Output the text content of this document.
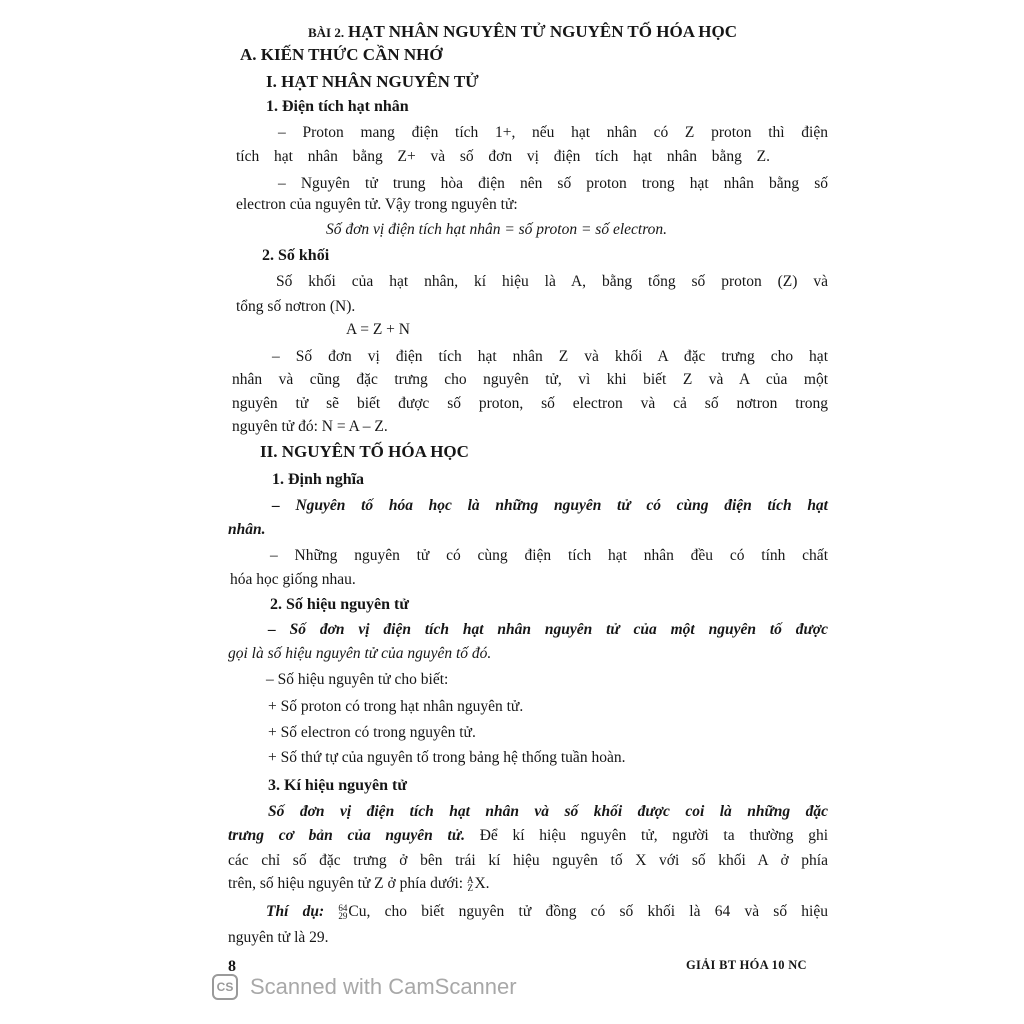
BÀI 2. HẠT NHÂN NGUYÊN TỬ NGUYÊN TỐ HÓA HỌC
A. KIẾN THỨC CẦN NHỚ
I. HẠT NHÂN NGUYÊN TỬ
1. Điện tích hạt nhân
– Proton mang điện tích 1+, nếu hạt nhân có Z proton thì điện
tích hạt nhân bằng Z+ và số đơn vị điện tích hạt nhân bằng Z.
– Nguyên tử trung hòa điện nên số proton trong hạt nhân bằng số
electron của nguyên tử. Vậy trong nguyên tử:
Số đơn vị điện tích hạt nhân = số proton = số electron.
2. Số khối
Số khối của hạt nhân, kí hiệu là A, bằng tổng số proton (Z) và
tổng số nơtron (N).
A = Z + N
– Số đơn vị điện tích hạt nhân Z và khối A đặc trưng cho hạt
nhân và cũng đặc trưng cho nguyên tử, vì khi biết Z và A của một
nguyên tử sẽ biết được số proton, số electron và cả số nơtron trong
nguyên tử đó: N = A – Z.
II. NGUYÊN TỐ HÓA HỌC
1. Định nghĩa
– Nguyên tố hóa học là những nguyên tử có cùng điện tích hạt
nhân.
– Những nguyên tử có cùng điện tích hạt nhân đều có tính chất
hóa học giống nhau.
2. Số hiệu nguyên tử
– Số đơn vị điện tích hạt nhân nguyên tử của một nguyên tố được
gọi là số hiệu nguyên tử của nguyên tố đó.
– Số hiệu nguyên tử cho biết:
+ Số proton có trong hạt nhân nguyên tử.
+ Số electron có trong nguyên tử.
+ Số thứ tự của nguyên tố trong bảng hệ thống tuần hoàn.
3. Kí hiệu nguyên tử
Số đơn vị điện tích hạt nhân và số khối được coi là những đặc
trưng cơ bản của nguyên tử. Để kí hiệu nguyên tử, người ta thường ghi
các chỉ số đặc trưng ở bên trái kí hiệu nguyên tố X với số khối A ở phía
trên, số hiệu nguyên tử Z ở phía dưới: A
Z X.
Thí dụ: 64
29 Cu, cho biết nguyên tử đồng có số khối là 64 và số hiệu
nguyên tử là 29.
8	GIẢI BT HÓA 10 NC
CS Scanned with CamScanner
